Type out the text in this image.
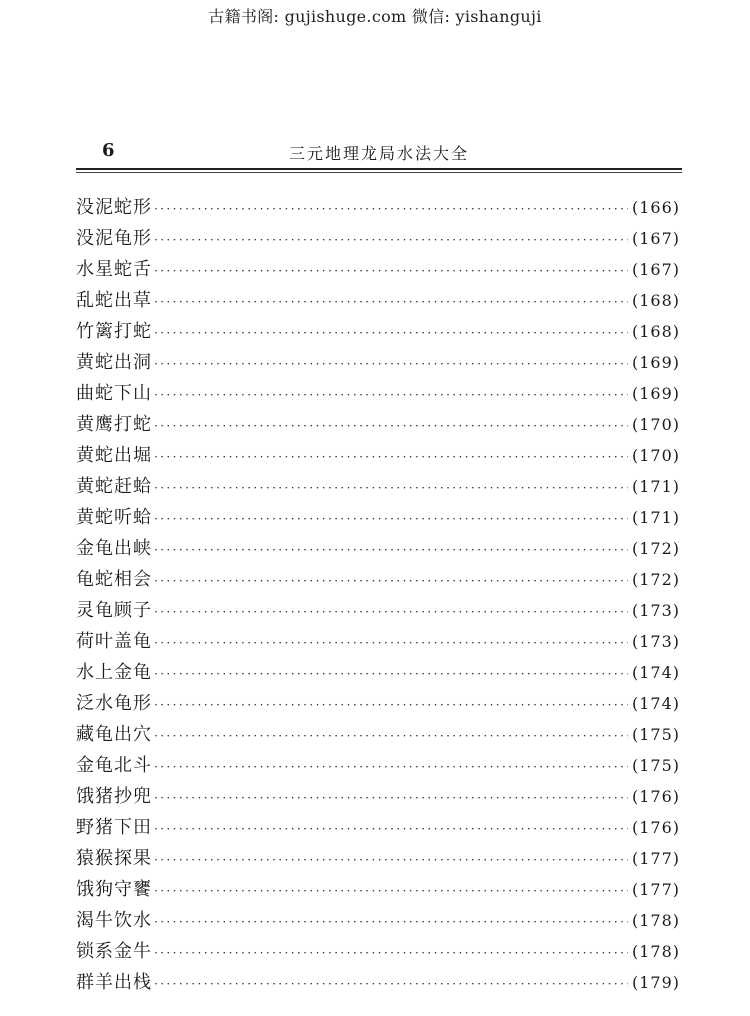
古籍书阁: gujishuge.com 微信: yishanguji
6	三元地理龙局水法大全
没泥蛇形 ·····	(166)
没泥龟形 ·····	(167)
水星蛇舌 ·····	(167)
乱蛇出草 ·····	(168)
竹篱打蛇 ·····	(168)
黄蛇出洞 ·····	(169)
曲蛇下山 ·····	(169)
黄鹰打蛇 ·····	(170)
黄蛇出堀 ·····	(170)
黄蛇赶蛤 ·····	(171)
黄蛇听蛤 ·····	(171)
金龟出峡 ·····	(172)
龟蛇相会 ·····	(172)
灵龟顾子 ·····	(173)
荷叶盖龟 ·····	(173)
水上金龟 ·····	(174)
泛水龟形 ·····	(174)
藏龟出穴 ·····	(175)
金龟北斗 ·····	(175)
饿猪抄兜 ·····	(176)
野猪下田 ·····	(176)
猿猴探果 ·····	(177)
饿狗守饔 ·····	(177)
渴牛饮水 ·····	(178)
锁系金牛 ·····	(178)
群羊出栈 ·····	(179)
